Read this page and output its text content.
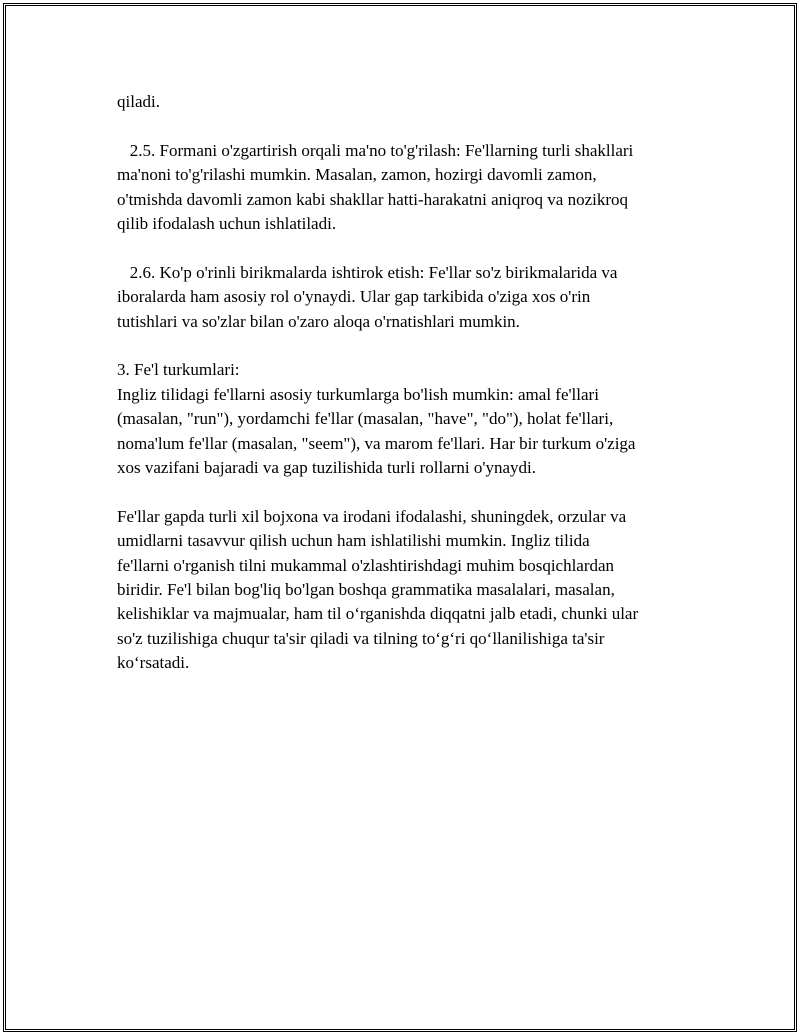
qiladi.

2.5. Formani o'zgartirish orqali ma'no to'g'rilash: Fe'llarning turli shakllari
ma'noni to'g'rilashi mumkin. Masalan, zamon, hozirgi davomli zamon,
o'tmishda davomli zamon kabi shakllar hatti-harakatni aniqroq va nozikroq
qilib ifodalash uchun ishlatiladi.

2.6. Ko'p o'rinli birikmalarda ishtirok etish: Fe'llar so'z birikmalarida va
iboralarda ham asosiy rol o'ynaydi. Ular gap tarkibida o'ziga xos o'rin
tutishlari va so'zlar bilan o'zaro aloqa o'rnatishlari mumkin.

3. Fe'l turkumlari:
Ingliz tilidagi fe'llarni asosiy turkumlarga bo'lish mumkin: amal fe'llari
(masalan, "run"), yordamchi fe'llar (masalan, "have", "do"), holat fe'llari,
noma'lum fe'llar (masalan, "seem"), va marom fe'llari. Har bir turkum o'ziga
xos vazifani bajaradi va gap tuzilishida turli rollarni o'ynaydi.

Fe'llar gapda turli xil bojxona va irodani ifodalashi, shuningdek, orzular va
umidlarni tasavvur qilish uchun ham ishlatilishi mumkin. Ingliz tilida
fe'llarni o'rganish tilni mukammal o'zlashtirishdagi muhim bosqichlardan
biridir. Fe'l bilan bog'liq bo'lgan boshqa grammatika masalalari, masalan,
kelishiklar va majmualar, ham til o‘rganishda diqqatni jalb etadi, chunki ular
so'z tuzilishiga chuqur ta'sir qiladi va tilning to‘g‘ri qo‘llanilishiga ta'sir
ko‘rsatadi.
